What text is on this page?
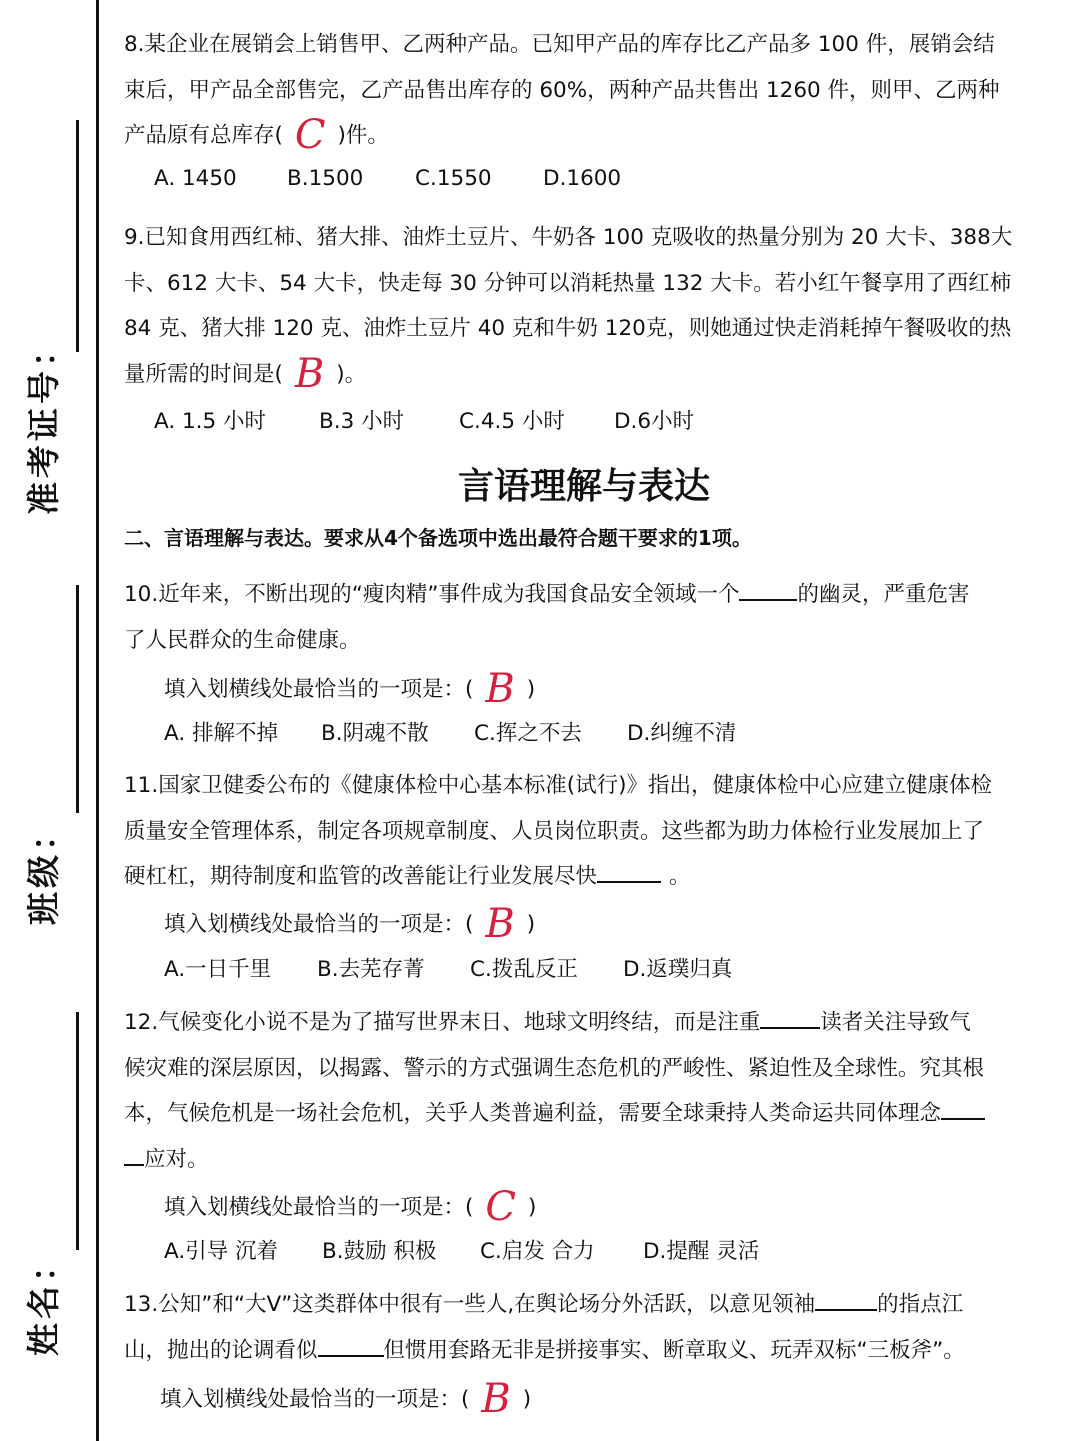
准考证号：
班级：
姓名：

8.某企业在展销会上销售甲、乙两种产品。已知甲产品的库存比乙产品多 100 件，展销会结

束后，甲产品全部售完，乙产品售出库存的 60%，两种产品共售出 1260 件，则甲、乙两种

产品原有总库存( C )件。

A. 1450	B.1500	C.1550	D.1600

9.已知食用西红柿、猪大排、油炸土豆片、牛奶各 100 克吸收的热量分别为 20 大卡、388大

卡、612 大卡、54 大卡，快走每 30 分钟可以消耗热量 132 大卡。若小红午餐享用了西红柿

84 克、猪大排 120 克、油炸土豆片 40 克和牛奶 120克，则她通过快走消耗掉午餐吸收的热

量所需的时间是( B )。

A. 1.5 小时	B.3 小时	C.4.5 小时	D.6小时
言语理解与表达
二、言语理解与表达。要求从4个备选项中选出最符合题干要求的1项。

10.近年来，不断出现的“瘦肉精”事件成为我国食品安全领域一个	的幽灵，严重危害

了人民群众的生命健康。

填入划横线处最恰当的一项是：( B )
A. 排解不掉	B.阴魂不散	C.挥之不去	D.纠缠不清

11.国家卫健委公布的《健康体检中心基本标准(试行)》指出，健康体检中心应建立健康体检

质量安全管理体系，制定各项规章制度、人员岗位职责。这些都为助力体检行业发展加上了

硬杠杠，期待制度和监管的改善能让行业发展尽快	。

填入划横线处最恰当的一项是：( B )
A.一日千里	B.去芜存菁	C.拨乱反正	D.返璞归真

12.气候变化小说不是为了描写世界末日、地球文明终结，而是注重	读者关注导致气

候灾难的深层原因，以揭露、警示的方式强调生态危机的严峻性、紧迫性及全球性。究其根

本，气候危机是一场社会危机，关乎人类普遍利益，需要全球秉持人类命运共同体理念

应对。

填入划横线处最恰当的一项是：( C )
A.引导 沉着	B.鼓励 积极	C.启发 合力	D.提醒 灵活

13.公知”和“大V”这类群体中很有一些人,在舆论场分外活跃，以意见领袖	的指点江

山，抛出的论调看似	但惯用套路无非是拼接事实、断章取义、玩弄双标“三板斧”。

填入划横线处最恰当的一项是：( B )
